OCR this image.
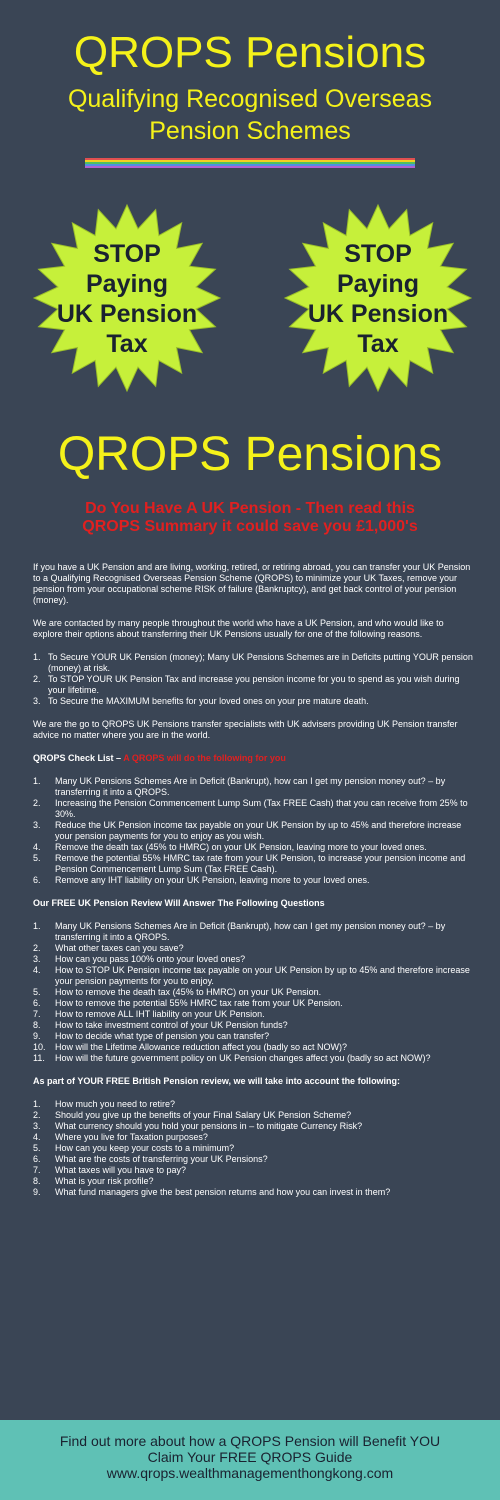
QROPS Pensions
Qualifying Recognised Overseas
Pension Schemes
STOP
Paying
UK Pension
Tax
STOP
Paying
UK Pension
Tax
QROPS Pensions
Do You Have A UK Pension - Then read this
QROPS Summary it could save you £1,000's

If you have a UK Pension and are living, working, retired, or retiring abroad, you can transfer your UK Pension to a Qualifying Recognised Overseas Pension Scheme (QROPS) to minimize your UK Taxes, remove your pension from your occupational scheme RISK of failure (Bankruptcy), and get back control of your pension (money).

We are contacted by many people throughout the world who have a UK Pension, and who would like to explore their options about transferring their UK Pensions usually for one of the following reasons.

1. To Secure YOUR UK Pension (money); Many UK Pensions Schemes are in Deficits putting YOUR pension (money) at risk.
2. To STOP YOUR UK Pension Tax and increase you pension income for you to spend as you wish during your lifetime.
3. To Secure the MAXIMUM benefits for your loved ones on your pre mature death.

We are the go to QROPS UK Pensions transfer specialists with UK advisers providing UK Pension transfer advice no matter where you are in the world.

QROPS Check List – A QROPS will do the following for you
1. Many UK Pensions Schemes Are in Deficit (Bankrupt), how can I get my pension money out? – by transferring it into a QROPS.
2. Increasing the Pension Commencement Lump Sum (Tax FREE Cash) that you can receive from 25% to 30%.
3. Reduce the UK Pension income tax payable on your UK Pension by up to 45% and therefore increase your pension payments for you to enjoy as you wish.
4. Remove the death tax (45% to HMRC) on your UK Pension, leaving more to your loved ones.
5. Remove the potential 55% HMRC tax rate from your UK Pension, to increase your pension income and Pension Commencement Lump Sum (Tax FREE Cash).
6. Remove any IHT liability on your UK Pension, leaving more to your loved ones.
Our FREE UK Pension Review Will Answer The Following Questions
1. Many UK Pensions Schemes Are in Deficit (Bankrupt), how can I get my pension money out? – by transferring it into a QROPS.
2. What other taxes can you save?
3. How can you pass 100% onto your loved ones?
4. How to STOP UK Pension income tax payable on your UK Pension by up to 45% and therefore increase your pension payments for you to enjoy.
5. How to remove the death tax (45% to HMRC) on your UK Pension.
6. How to remove the potential 55% HMRC tax rate from your UK Pension.
7. How to remove ALL IHT liability on your UK Pension.
8. How to take investment control of your UK Pension funds?
9. How to decide what type of pension you can transfer?
10. How will the Lifetime Allowance reduction affect you (badly so act NOW)?
11. How will the future government policy on UK Pension changes affect you (badly so act NOW)?
As part of YOUR FREE British Pension review, we will take into account the following:
1. How much you need to retire?
2. Should you give up the benefits of your Final Salary UK Pension Scheme?
3. What currency should you hold your pensions in – to mitigate Currency Risk?
4. Where you live for Taxation purposes?
5. How can you keep your costs to a minimum?
6. What are the costs of transferring your UK Pensions?
7. What taxes will you have to pay?
8. What is your risk profile?
9. What fund managers give the best pension returns and how you can invest in them?
Find out more about how a QROPS Pension will Benefit YOU
Claim Your FREE QROPS Guide
www.qrops.wealthmanagementhongkong.com
